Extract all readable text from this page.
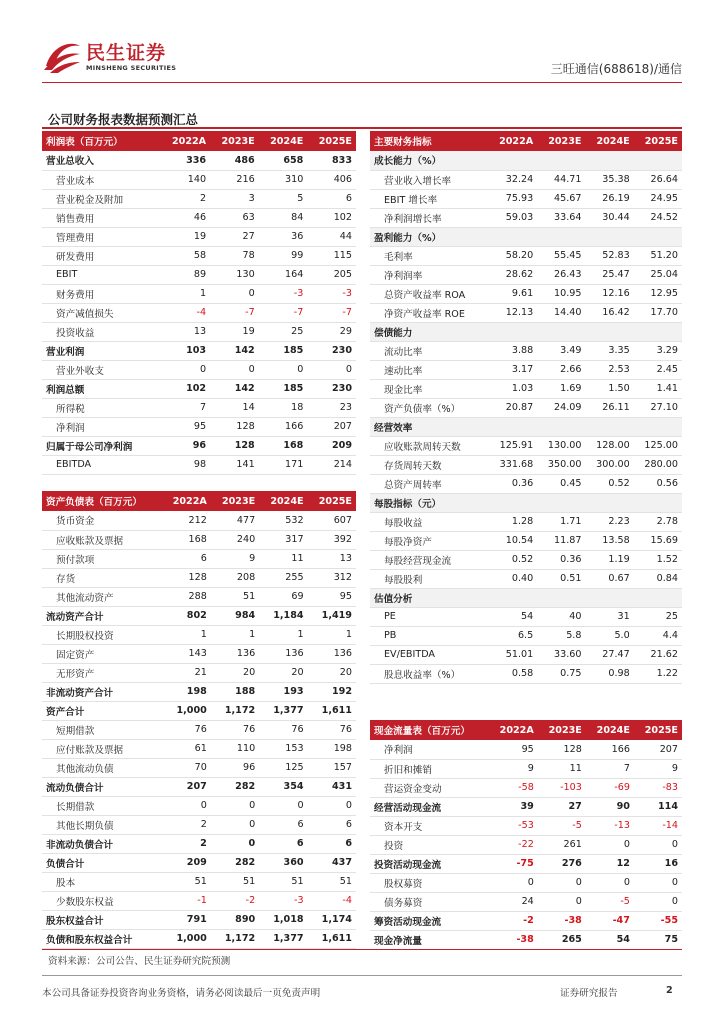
民生证券
MINSHENG SECURITIES	三旺通信(688618)/通信
公司财务报表数据预测汇总
利润表（百万元）	2022A	2023E	2024E	2025E
营业总收入	336	486	658	833
营业成本	140	216	310	406
营业税金及附加	2	3	5	6
销售费用	46	63	84	102
管理费用	19	27	36	44
研发费用	58	78	99	115
EBIT	89	130	164	205
财务费用	1	0	-3	-3
资产减值损失	-4	-7	-7	-7
投资收益	13	19	25	29
营业利润	103	142	185	230
营业外收支	0	0	0	0
利润总额	102	142	185	230
所得税	7	14	18	23
净利润	95	128	166	207
归属于母公司净利润	96	128	168	209
EBITDA	98	141	171	214
资产负债表（百万元）	2022A	2023E	2024E	2025E
货币资金	212	477	532	607
应收账款及票据	168	240	317	392
预付款项	6	9	11	13
存货	128	208	255	312
其他流动资产	288	51	69	95
流动资产合计	802	984	1,184	1,419
长期股权投资	1	1	1	1
固定资产	143	136	136	136
无形资产	21	20	20	20
非流动资产合计	198	188	193	192
资产合计	1,000	1,172	1,377	1,611
短期借款	76	76	76	76
应付账款及票据	61	110	153	198
其他流动负债	70	96	125	157
流动负债合计	207	282	354	431
长期借款	0	0	0	0
其他长期负债	2	0	6	6
非流动负债合计	2	0	6	6
负债合计	209	282	360	437
股本	51	51	51	51
少数股东权益	-1	-2	-3	-4
股东权益合计	791	890	1,018	1,174
负债和股东权益合计	1,000	1,172	1,377	1,611
主要财务指标	2022A	2023E	2024E	2025E
成长能力（%）				
营业收入增长率	32.24	44.71	35.38	26.64
EBIT 增长率	75.93	45.67	26.19	24.95
净利润增长率	59.03	33.64	30.44	24.52
盈利能力（%）				
毛利率	58.20	55.45	52.83	51.20
净利润率	28.62	26.43	25.47	25.04
总资产收益率 ROA	9.61	10.95	12.16	12.95
净资产收益率 ROE	12.13	14.40	16.42	17.70
偿债能力				
流动比率	3.88	3.49	3.35	3.29
速动比率	3.17	2.66	2.53	2.45
现金比率	1.03	1.69	1.50	1.41
资产负债率（%）	20.87	24.09	26.11	27.10
经营效率				
应收账款周转天数	125.91	130.00	128.00	125.00
存货周转天数	331.68	350.00	300.00	280.00
总资产周转率	0.36	0.45	0.52	0.56
每股指标（元）				
每股收益	1.28	1.71	2.23	2.78
每股净资产	10.54	11.87	13.58	15.69
每股经营现金流	0.52	0.36	1.19	1.52
每股股利	0.40	0.51	0.67	0.84
估值分析				
PE	54	40	31	25
PB	6.5	5.8	5.0	4.4
EV/EBITDA	51.01	33.60	27.47	21.62
股息收益率（%）	0.58	0.75	0.98	1.22
现金流量表（百万元）	2022A	2023E	2024E	2025E
净利润	95	128	166	207
折旧和摊销	9	11	7	9
营运资金变动	-58	-103	-69	-83
经营活动现金流	39	27	90	114
资本开支	-53	-5	-13	-14
投资	-22	261	0	0
投资活动现金流	-75	276	12	16
股权募资	0	0	0	0
债务募资	24	0	-5	0
筹资活动现金流	-2	-38	-47	-55
现金净流量	-38	265	54	75
资料来源：公司公告、民生证券研究院预测
本公司具备证券投资咨询业务资格，请务必阅读最后一页免责声明	证券研究报告	2
